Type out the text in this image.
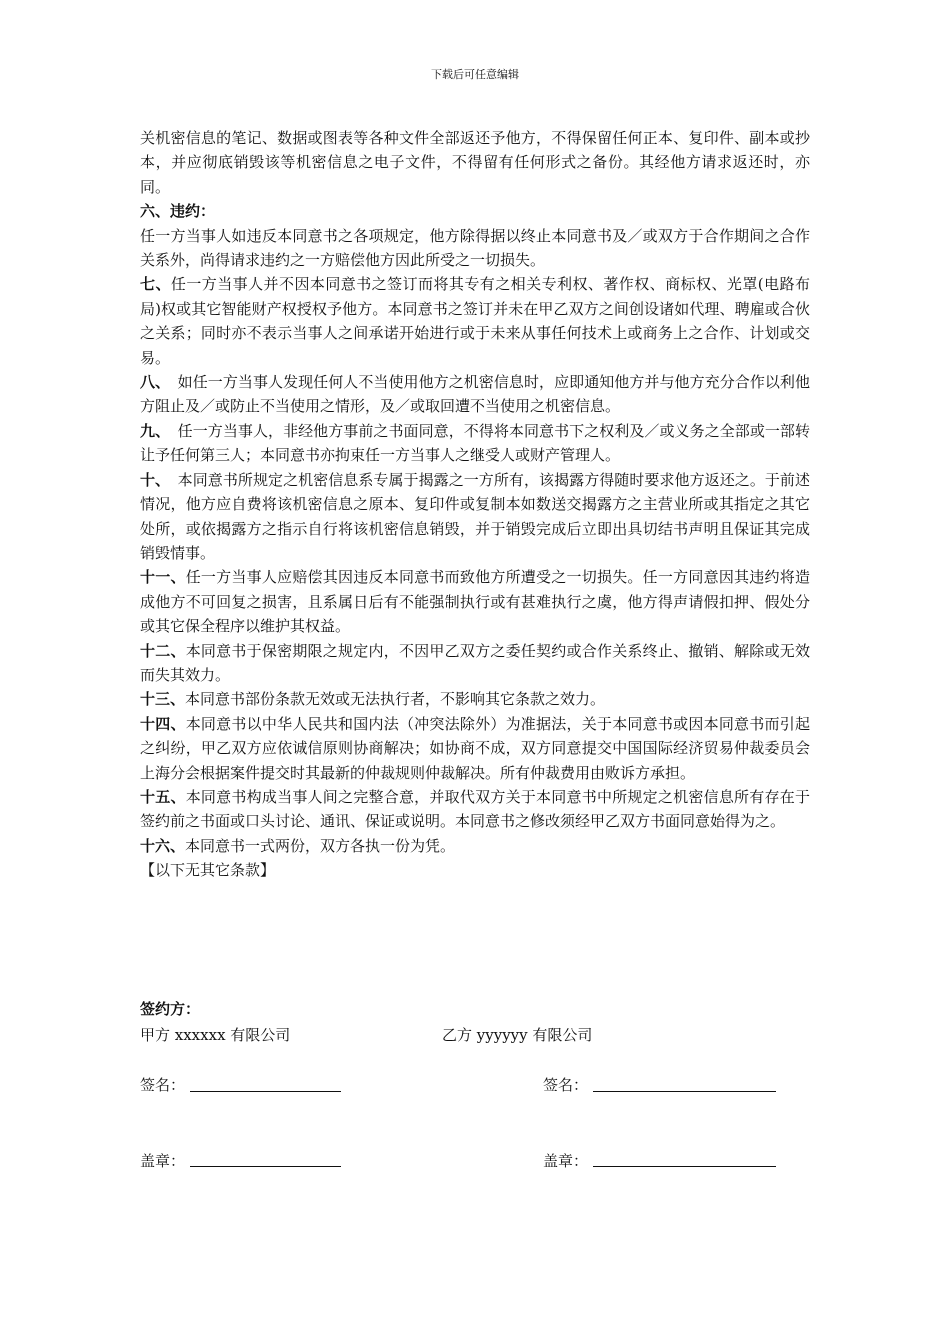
下载后可任意编辑

关机密信息的笔记、数据或图表等各种文件全部返还予他方，不得保留任何正本、复印件、副本或抄本，并应彻底销毁该等机密信息之电子文件，不得留有任何形式之备份。其经他方请求返还时，亦同。

六、违约：

任一方当事人如违反本同意书之各项规定，他方除得据以终止本同意书及／或双方于合作期间之合作关系外，尚得请求违约之一方赔偿他方因此所受之一切损失。

七、任一方当事人并不因本同意书之签订而将其专有之相关专利权、著作权、商标权、光罩(电路布局)权或其它智能财产权授权予他方。本同意书之签订并未在甲乙双方之间创设诸如代理、聘雇或合伙之关系；同时亦不表示当事人之间承诺开始进行或于未来从事任何技术上或商务上之合作、计划或交易。

八、　如任一方当事人发现任何人不当使用他方之机密信息时，应即通知他方并与他方充分合作以利他方阻止及／或防止不当使用之情形，及／或取回遭不当使用之机密信息。

九、　任一方当事人，非经他方事前之书面同意，不得将本同意书下之权利及／或义务之全部或一部转让予任何第三人；本同意书亦拘束任一方当事人之继受人或财产管理人。

十、　本同意书所规定之机密信息系专属于揭露之一方所有，该揭露方得随时要求他方返还之。于前述情况，他方应自费将该机密信息之原本、复印件或复制本如数送交揭露方之主营业所或其指定之其它处所，或依揭露方之指示自行将该机密信息销毁，并于销毁完成后立即出具切结书声明且保证其完成销毁情事。

十一、任一方当事人应赔偿其因违反本同意书而致他方所遭受之一切损失。任一方同意因其违约将造成他方不可回复之损害，且系属日后有不能强制执行或有甚难执行之虞，他方得声请假扣押、假处分或其它保全程序以维护其权益。

十二、本同意书于保密期限之规定内，不因甲乙双方之委任契约或合作关系终止、撤销、解除或无效而失其效力。

十三、本同意书部份条款无效或无法执行者，不影响其它条款之效力。

十四、本同意书以中华人民共和国内法（冲突法除外）为准据法，关于本同意书或因本同意书而引起之纠纷，甲乙双方应依诚信原则协商解决；如协商不成，双方同意提交中国国际经济贸易仲裁委员会上海分会根据案件提交时其最新的仲裁规则仲裁解决。所有仲裁费用由败诉方承担。

十五、本同意书构成当事人间之完整合意，并取代双方关于本同意书中所规定之机密信息所有存在于签约前之书面或口头讨论、通讯、保证或说明。本同意书之修改须经甲乙双方书面同意始得为之。

十六、本同意书一式两份，双方各执一份为凭。

【以下无其它条款】

签约方：
甲方 xxxxxx 有限公司	乙方 yyyyyy 有限公司
签名：	签名：
盖章：	盖章：
